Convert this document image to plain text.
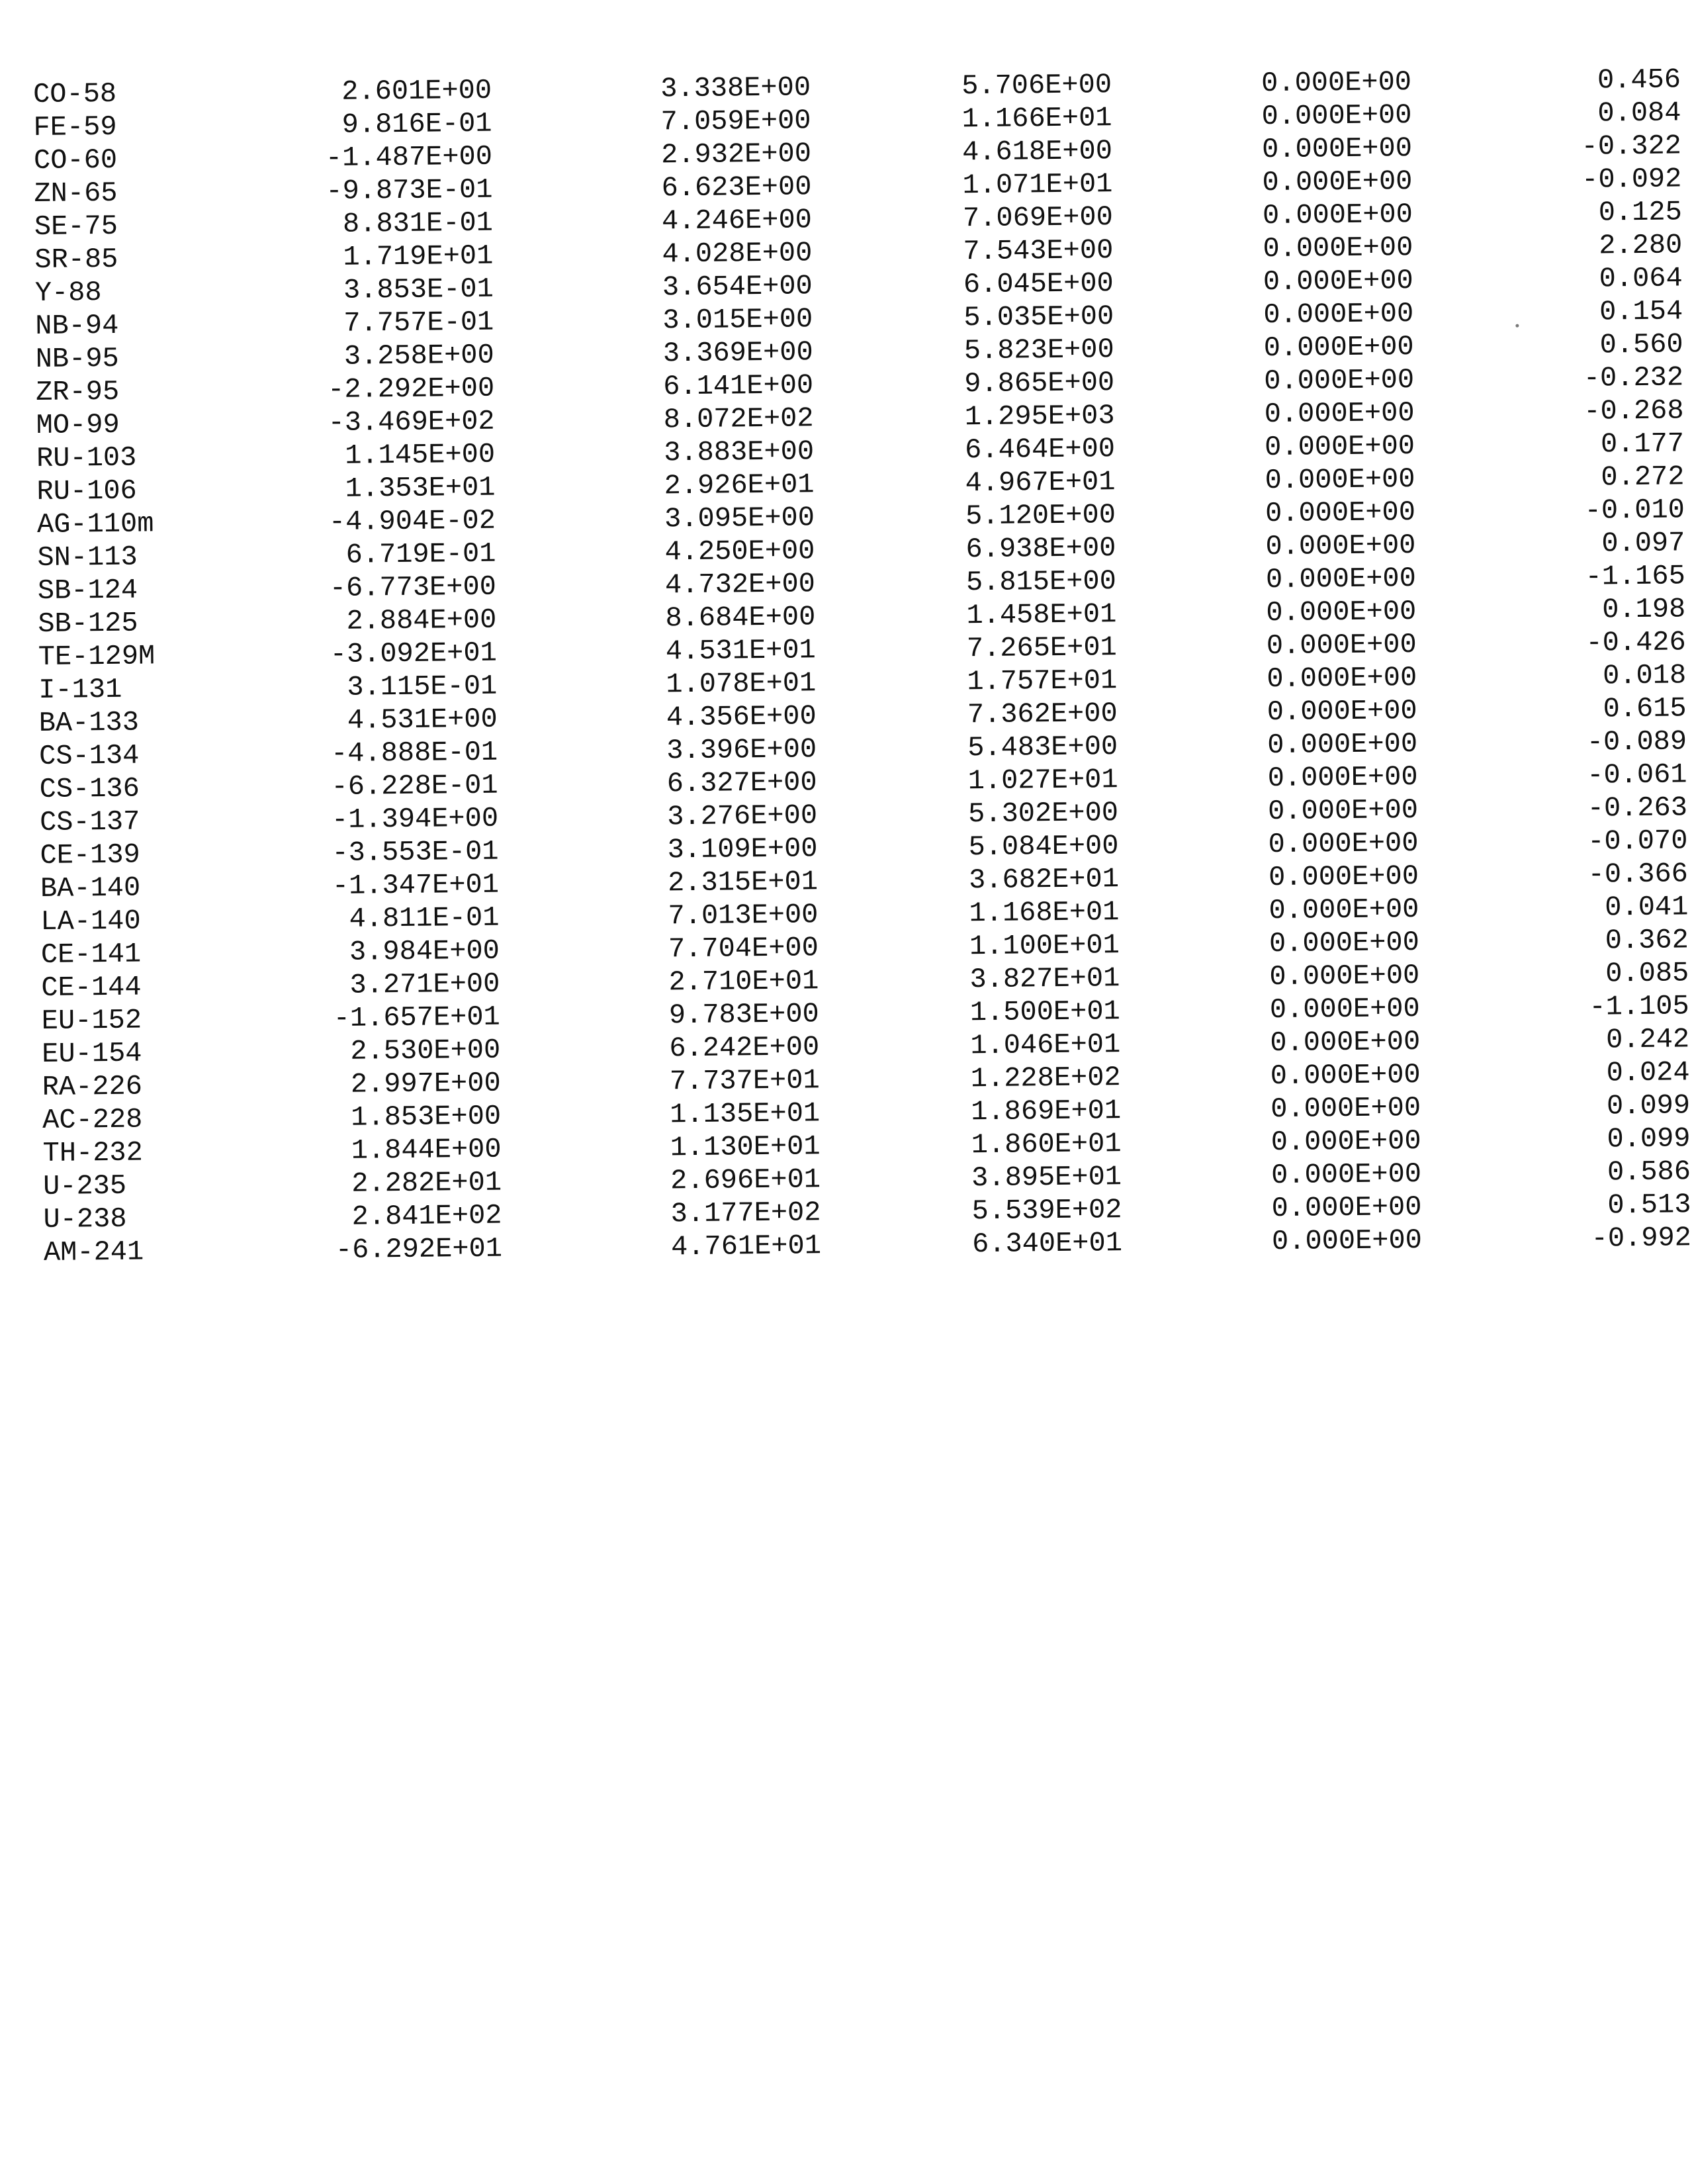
CO-58	2.601E+00	3.338E+00	5.706E+00	0.000E+00	0.456
FE-59	9.816E-01	7.059E+00	1.166E+01	0.000E+00	0.084
CO-60	-1.487E+00	2.932E+00	4.618E+00	0.000E+00	-0.322
ZN-65	-9.873E-01	6.623E+00	1.071E+01	0.000E+00	-0.092
SE-75	8.831E-01	4.246E+00	7.069E+00	0.000E+00	0.125
SR-85	1.719E+01	4.028E+00	7.543E+00	0.000E+00	2.280
Y-88	3.853E-01	3.654E+00	6.045E+00	0.000E+00	0.064
NB-94	7.757E-01	3.015E+00	5.035E+00	0.000E+00	0.154
NB-95	3.258E+00	3.369E+00	5.823E+00	0.000E+00	0.560
ZR-95	-2.292E+00	6.141E+00	9.865E+00	0.000E+00	-0.232
MO-99	-3.469E+02	8.072E+02	1.295E+03	0.000E+00	-0.268
RU-103	1.145E+00	3.883E+00	6.464E+00	0.000E+00	0.177
RU-106	1.353E+01	2.926E+01	4.967E+01	0.000E+00	0.272
AG-110m	-4.904E-02	3.095E+00	5.120E+00	0.000E+00	-0.010
SN-113	6.719E-01	4.250E+00	6.938E+00	0.000E+00	0.097
SB-124	-6.773E+00	4.732E+00	5.815E+00	0.000E+00	-1.165
SB-125	2.884E+00	8.684E+00	1.458E+01	0.000E+00	0.198
TE-129M	-3.092E+01	4.531E+01	7.265E+01	0.000E+00	-0.426
I-131	3.115E-01	1.078E+01	1.757E+01	0.000E+00	0.018
BA-133	4.531E+00	4.356E+00	7.362E+00	0.000E+00	0.615
CS-134	-4.888E-01	3.396E+00	5.483E+00	0.000E+00	-0.089
CS-136	-6.228E-01	6.327E+00	1.027E+01	0.000E+00	-0.061
CS-137	-1.394E+00	3.276E+00	5.302E+00	0.000E+00	-0.263
CE-139	-3.553E-01	3.109E+00	5.084E+00	0.000E+00	-0.070
BA-140	-1.347E+01	2.315E+01	3.682E+01	0.000E+00	-0.366
LA-140	4.811E-01	7.013E+00	1.168E+01	0.000E+00	0.041
CE-141	3.984E+00	7.704E+00	1.100E+01	0.000E+00	0.362
CE-144	3.271E+00	2.710E+01	3.827E+01	0.000E+00	0.085
EU-152	-1.657E+01	9.783E+00	1.500E+01	0.000E+00	-1.105
EU-154	2.530E+00	6.242E+00	1.046E+01	0.000E+00	0.242
RA-226	2.997E+00	7.737E+01	1.228E+02	0.000E+00	0.024
AC-228	1.853E+00	1.135E+01	1.869E+01	0.000E+00	0.099
TH-232	1.844E+00	1.130E+01	1.860E+01	0.000E+00	0.099
U-235	2.282E+01	2.696E+01	3.895E+01	0.000E+00	0.586
U-238	2.841E+02	3.177E+02	5.539E+02	0.000E+00	0.513
AM-241	-6.292E+01	4.761E+01	6.340E+01	0.000E+00	-0.992
